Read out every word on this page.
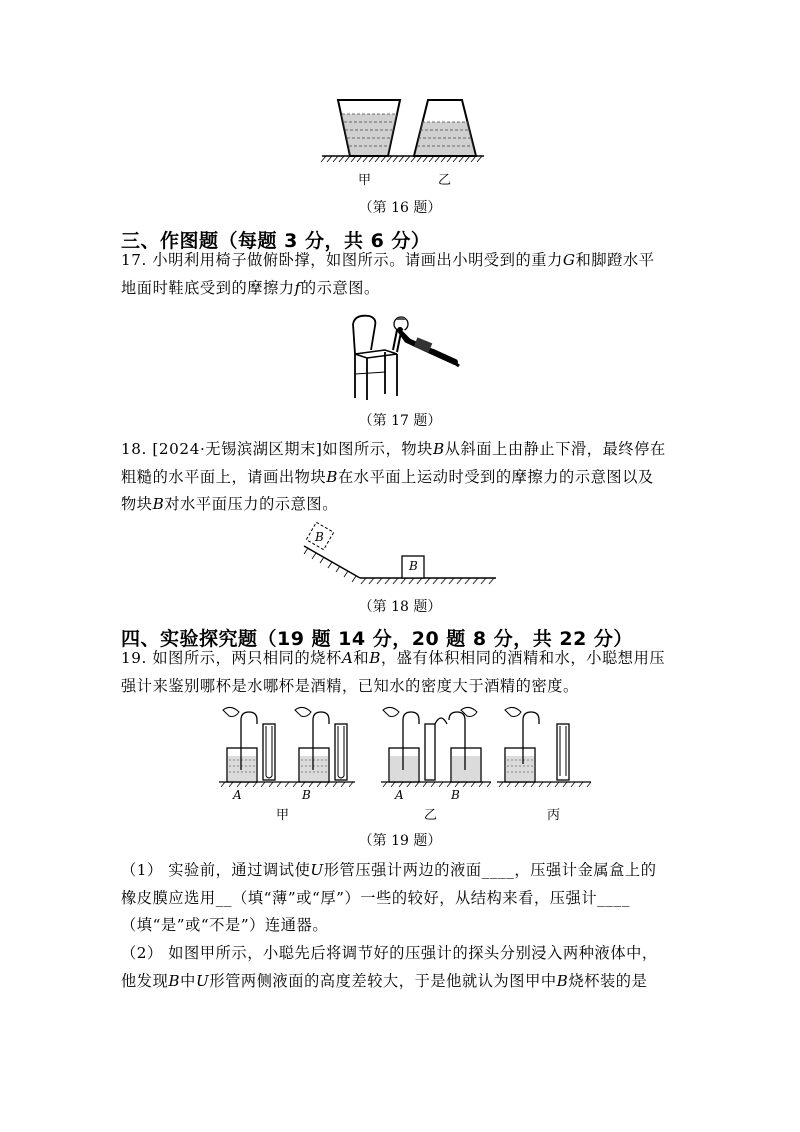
甲	乙
（第 16 题）
三、作图题（每题 3 分，共 6 分）
17. 小明利用椅子做俯卧撑，如图所示。请画出小明受到的重力G和脚蹬水平
地面时鞋底受到的摩擦力f的示意图。
（第 17 题）
18. [2024·无锡滨湖区期末]如图所示，物块B从斜面上由静止下滑，最终停在
粗糙的水平面上，请画出物块B在水平面上运动时受到的摩擦力的示意图以及
物块B对水平面压力的示意图。
B
B
（第 18 题）
四、实验探究题（19 题 14 分，20 题 8 分，共 22 分）
19. 如图所示，两只相同的烧杯A和B，盛有体积相同的酒精和水，小聪想用压
强计来鉴别哪杯是水哪杯是酒精，已知水的密度大于酒精的密度。
A	B
甲
A	B
乙	丙
（第 19 题）
（1） 实验前，通过调试使U形管压强计两边的液面____，压强计金属盒上的
橡皮膜应选用__（填“薄”或“厚”）一些的较好，从结构来看，压强计____
（填“是”或“不是”）连通器。
（2） 如图甲所示，小聪先后将调节好的压强计的探头分别浸入两种液体中，
他发现B中U形管两侧液面的高度差较大，于是他就认为图甲中B烧杯装的是
